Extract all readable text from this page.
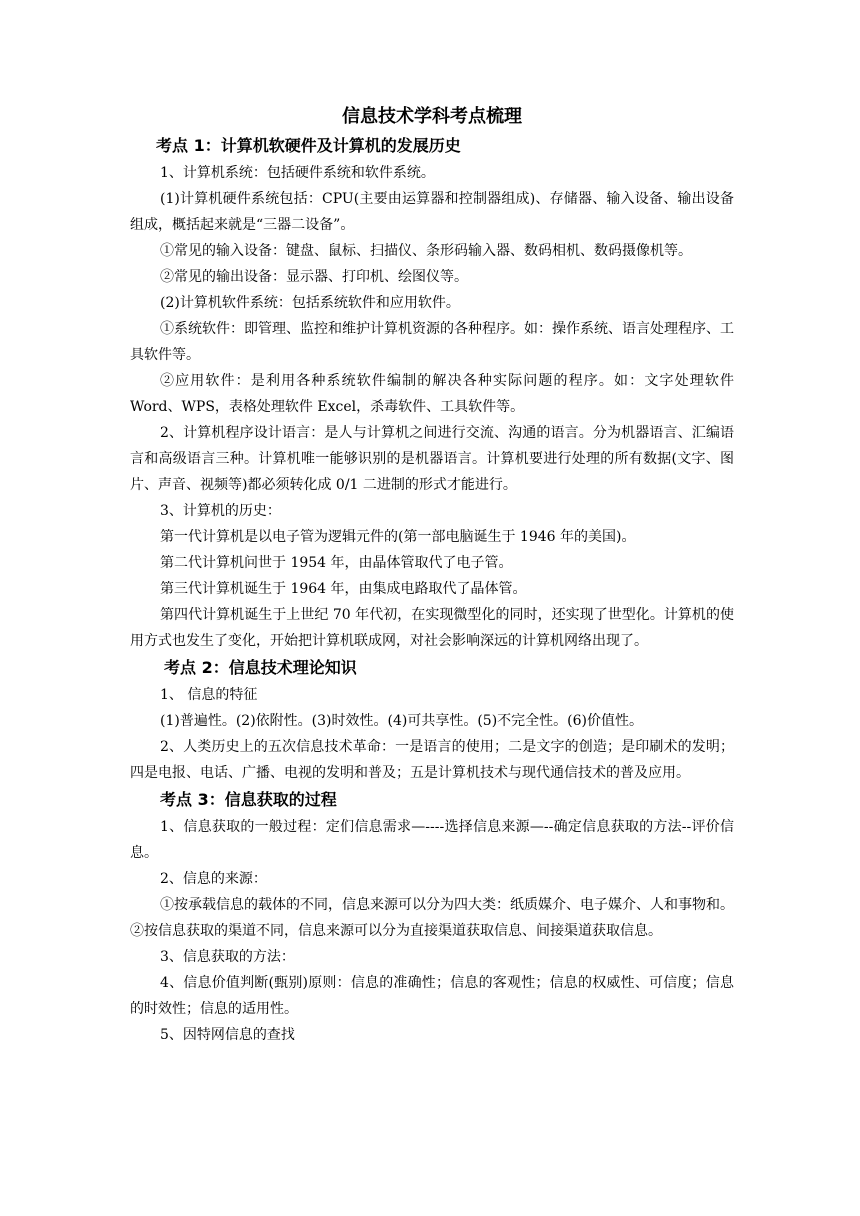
信息技术学科考点梳理
考点 1：计算机软硬件及计算机的发展历史

1、计算机系统：包括硬件系统和软件系统。

(1)计算机硬件系统包括：CPU(主要由运算器和控制器组成)、存储器、输入设备、输出设备组成，概括起来就是“三器二设备”。

①常见的输入设备：键盘、鼠标、扫描仪、条形码输入器、数码相机、数码摄像机等。

②常见的输出设备：显示器、打印机、绘图仪等。

(2)计算机软件系统：包括系统软件和应用软件。

①系统软件：即管理、监控和维护计算机资源的各种程序。如：操作系统、语言处理程序、工具软件等。

②应用软件：是利用各种系统软件编制的解决各种实际问题的程序。如：文字处理软件 Word、WPS，表格处理软件 Excel，杀毒软件、工具软件等。

2、计算机程序设计语言：是人与计算机之间进行交流、沟通的语言。分为机器语言、汇编语言和高级语言三种。计算机唯一能够识别的是机器语言。计算机要进行处理的所有数据(文字、图片、声音、视频等)都必须转化成 0/1 二进制的形式才能进行。

3、计算机的历史：

第一代计算机是以电子管为逻辑元件的(第一部电脑诞生于 1946 年的美国)。

第二代计算机问世于 1954 年，由晶体管取代了电子管。

第三代计算机诞生于 1964 年，由集成电路取代了晶体管。

第四代计算机诞生于上世纪 70 年代初，在实现微型化的同时，还实现了世型化。计算机的使用方式也发生了变化，开始把计算机联成网，对社会影响深远的计算机网络出现了。

考点 2：信息技术理论知识

1、 信息的特征

(1)普遍性。(2)依附性。(3)时效性。(4)可共享性。(5)不完全性。(6)价值性。

2、人类历史上的五次信息技术革命：一是语言的使用；二是文字的创造；是印刷术的发明；四是电报、电话、广播、电视的发明和普及；五是计算机技术与现代通信技术的普及应用。

考点 3：信息获取的过程

1、信息获取的一般过程：定们信息需求—----选择信息来源—--确定信息获取的方法--评价信息。

2、信息的来源：

①按承载信息的载体的不同，信息来源可以分为四大类：纸质媒介、电子媒介、人和事物和。②按信息获取的渠道不同，信息来源可以分为直接渠道获取信息、间接渠道获取信息。

3、信息获取的方法：

4、信息价值判断(甄别)原则：信息的准确性；信息的客观性；信息的权威性、可信度；信息的时效性；信息的适用性。

5、因特网信息的查找
